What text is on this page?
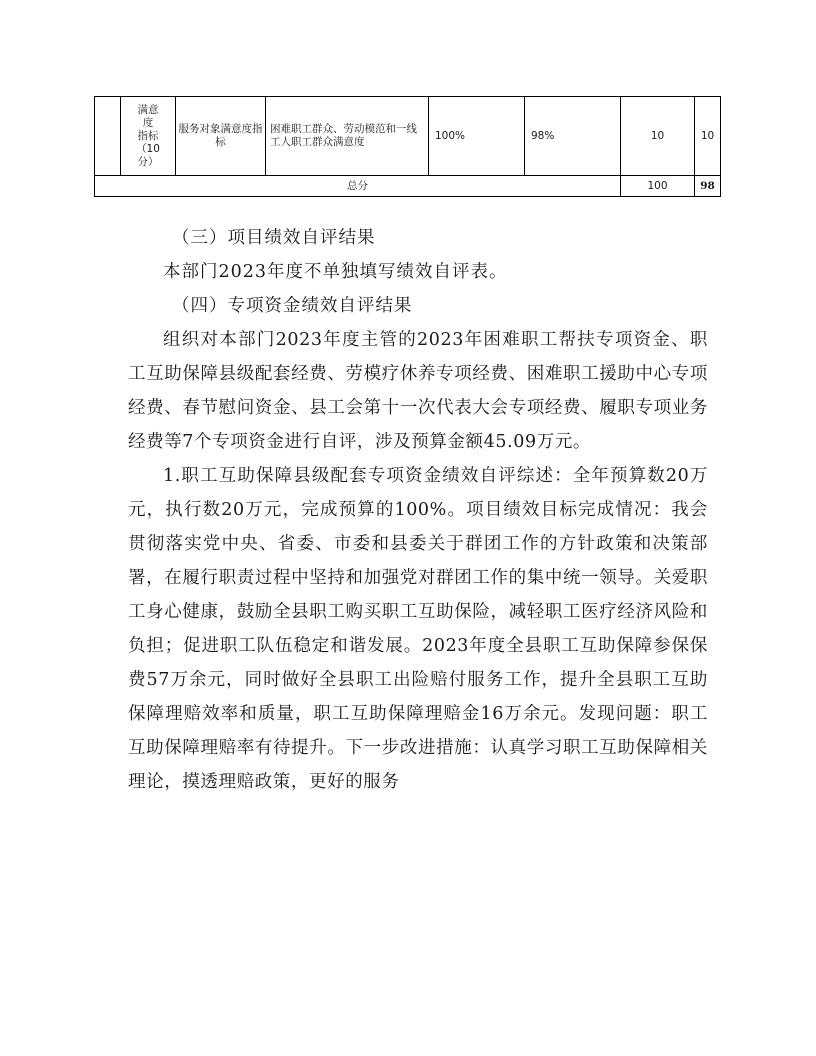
	满意
度
指标
（10
分）	服务对象满意度指标	困难职工群众、劳动模范和一线工人职工群众满意度	100%	98%	10	10
总分						100	98

（三）项目绩效自评结果

本部门2023年度不单独填写绩效自评表。

（四）专项资金绩效自评结果

组织对本部门2023年度主管的2023年困难职工帮扶专项资金、职工互助保障县级配套经费、劳模疗休养专项经费、困难职工援助中心专项经费、春节慰问资金、县工会第十一次代表大会专项经费、履职专项业务经费等7个专项资金进行自评，涉及预算金额45.09万元。

1.职工互助保障县级配套专项资金绩效自评综述：全年预算数20万元，执行数20万元，完成预算的100%。项目绩效目标完成情况：我会贯彻落实党中央、省委、市委和县委关于群团工作的方针政策和决策部署，在履行职责过程中坚持和加强党对群团工作的集中统一领导。关爱职工身心健康，鼓励全县职工购买职工互助保险，减轻职工医疗经济风险和负担；促进职工队伍稳定和谐发展。2023年度全县职工互助保障参保保费57万余元，同时做好全县职工出险赔付服务工作，提升全县职工互助保障理赔效率和质量，职工互助保障理赔金16万余元。发现问题：职工互助保障理赔率有待提升。下一步改进措施：认真学习职工互助保障相关理论，摸透理赔政策，更好的服务
